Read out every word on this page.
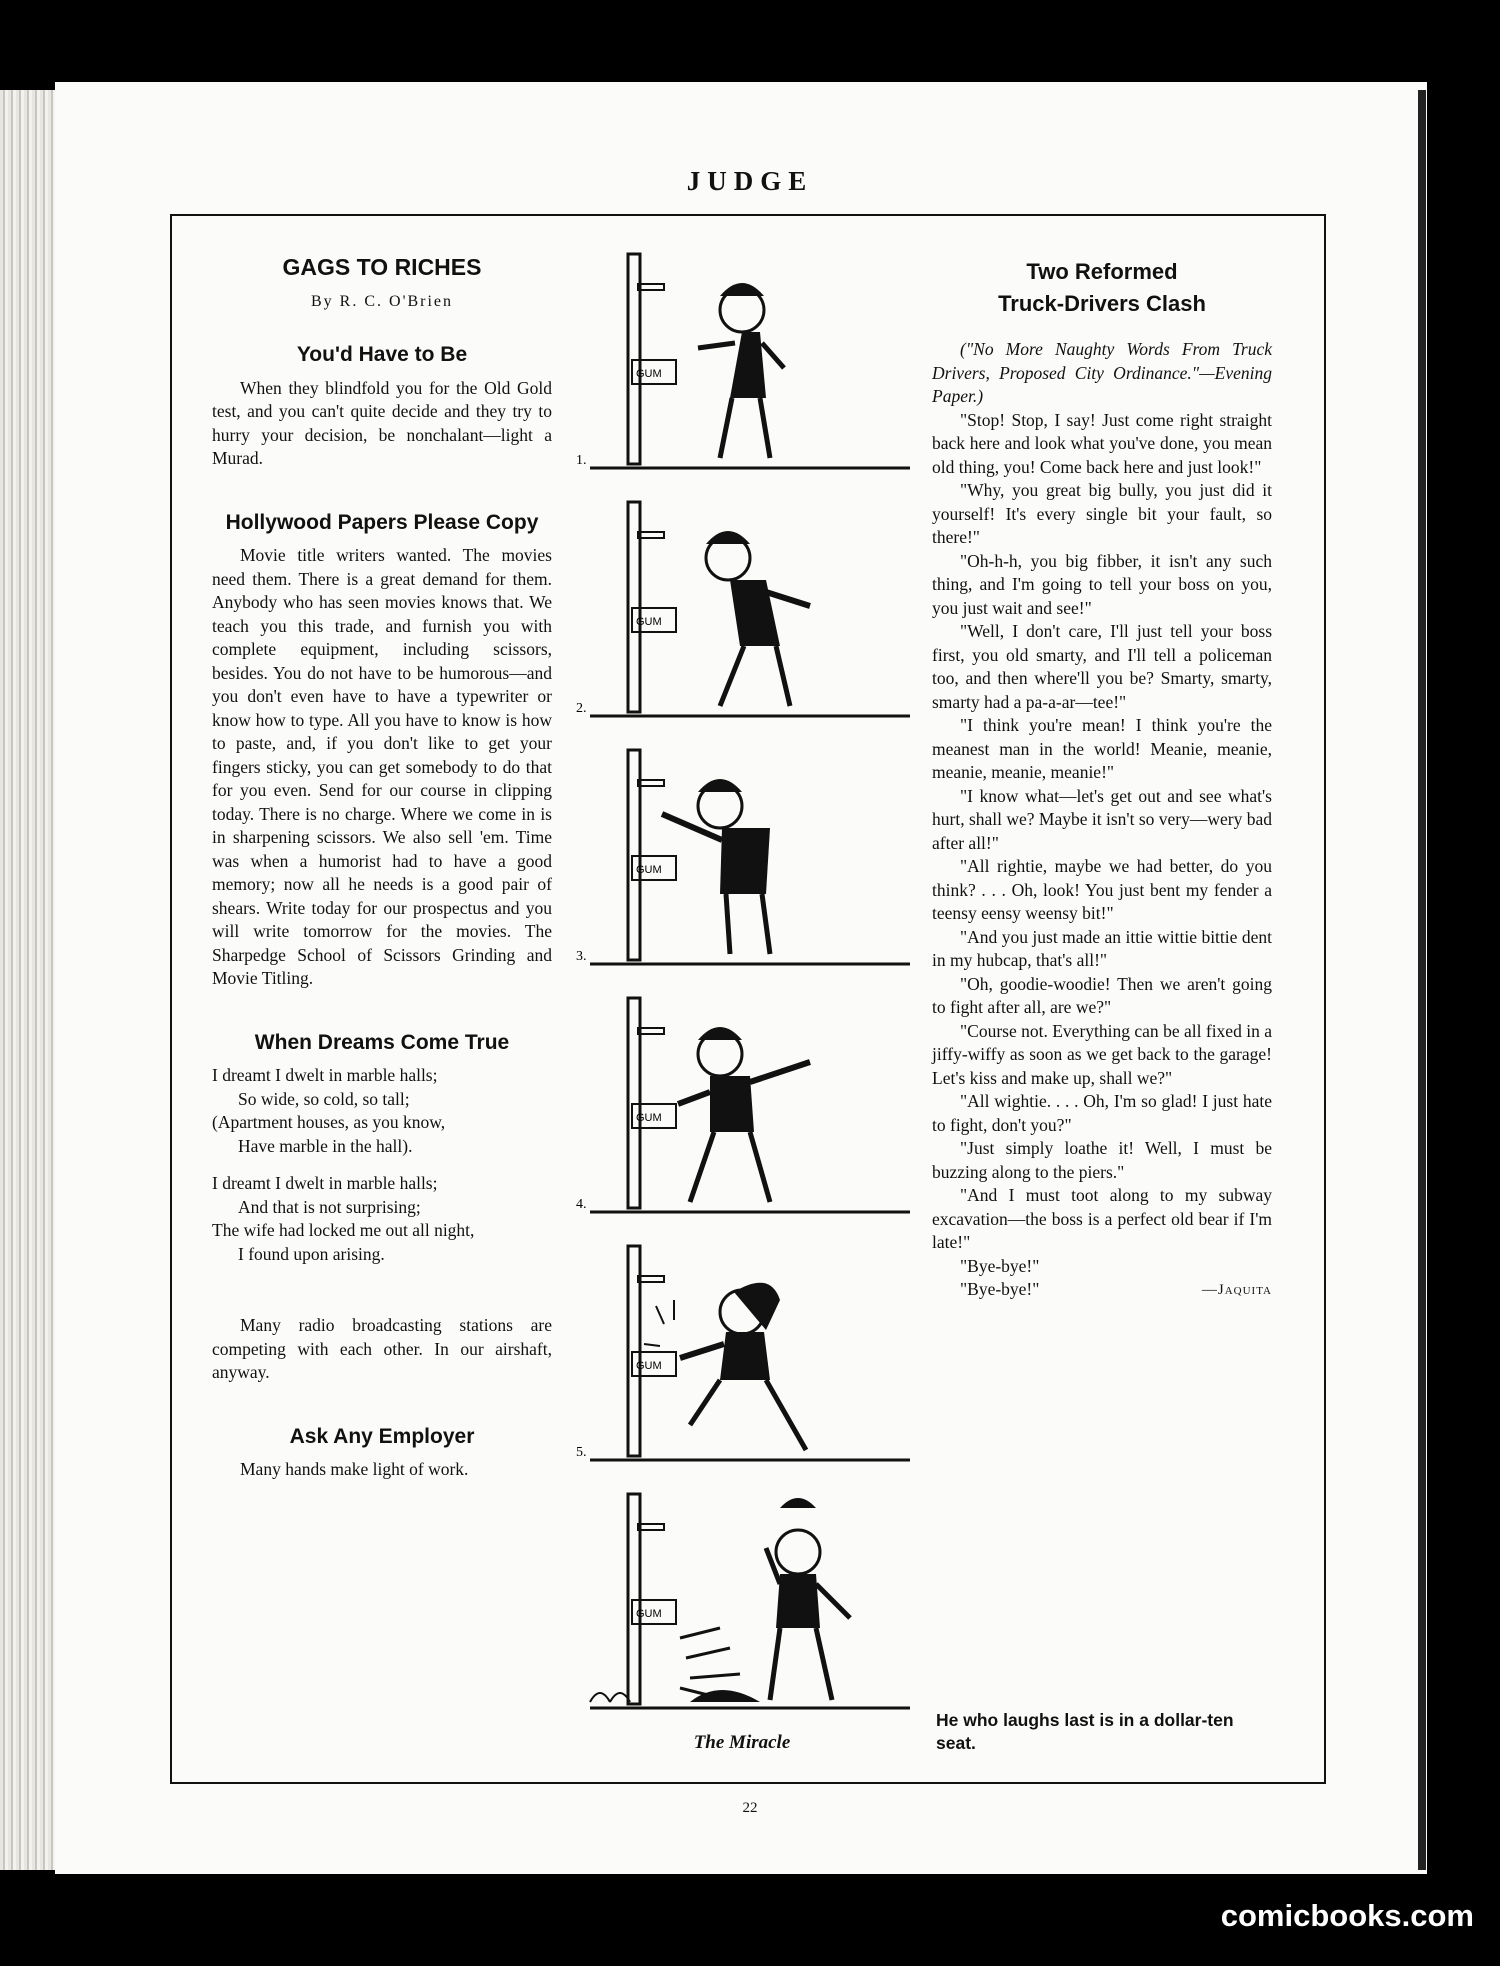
JUDGE
GAGS TO RICHES
By R. C. O'Brien
You'd Have to Be

When they blindfold you for the Old Gold test, and you can't quite decide and they try to hurry your decision, be nonchalant—light a Murad.

Hollywood Papers Please Copy

Movie title writers wanted. The movies need them. There is a great demand for them. Anybody who has seen movies knows that. We teach you this trade, and furnish you with complete equipment, including scissors, besides. You do not have to be humorous—and you don't even have to have a typewriter or know how to type. All you have to know is how to paste, and, if you don't like to get your fingers sticky, you can get somebody to do that for you even. Send for our course in clipping today. There is no charge. Where we come in is in sharpening scissors. We also sell 'em. Time was when a humorist had to have a good memory; now all he needs is a good pair of shears. Write today for our prospectus and you will write tomorrow for the movies. The Sharpedge School of Scissors Grinding and Movie Titling.

When Dreams Come True

I dreamt I dwelt in marble halls;

So wide, so cold, so tall;

(Apartment houses, as you know,

Have marble in the hall).

I dreamt I dwelt in marble halls;

And that is not surprising;

The wife had locked me out all night,

I found upon arising.

Many radio broadcasting stations are competing with each other. In our airshaft, anyway.

Ask Any Employer

Many hands make light of work.

GUM
1.
GUM
2.
GUM
3.
GUM
4.
GUM
5.
GUM
The Miracle
Two Reformed
Truck-Drivers Clash

("No More Naughty Words From Truck Drivers, Proposed City Ordinance."—Evening Paper.)

"Stop! Stop, I say! Just come right straight back here and look what you've done, you mean old thing, you! Come back here and just look!"

"Why, you great big bully, you just did it yourself! It's every single bit your fault, so there!"

"Oh-h-h, you big fibber, it isn't any such thing, and I'm going to tell your boss on you, you just wait and see!"

"Well, I don't care, I'll just tell your boss first, you old smarty, and I'll tell a policeman too, and then where'll you be? Smarty, smarty, smarty had a pa-a-ar—tee!"

"I think you're mean! I think you're the meanest man in the world! Meanie, meanie, meanie, meanie, meanie!"

"I know what—let's get out and see what's hurt, shall we? Maybe it isn't so very—wery bad after all!"

"All rightie, maybe we had better, do you think? . . . Oh, look! You just bent my fender a teensy eensy weensy bit!"

"And you just made an ittie wittie bittie dent in my hubcap, that's all!"

"Oh, goodie-woodie! Then we aren't going to fight after all, are we?"

"Course not. Everything can be all fixed in a jiffy-wiffy as soon as we get back to the garage! Let's kiss and make up, shall we?"

"All wightie. . . . Oh, I'm so glad! I just hate to fight, don't you?"

"Just simply loathe it! Well, I must be buzzing along to the piers."

"And I must toot along to my subway excavation—the boss is a perfect old bear if I'm late!"

"Bye-bye!"

"Bye-bye!"	—Jaquita
He who laughs last is in a dollar-ten seat.
22
comicbooks.com
